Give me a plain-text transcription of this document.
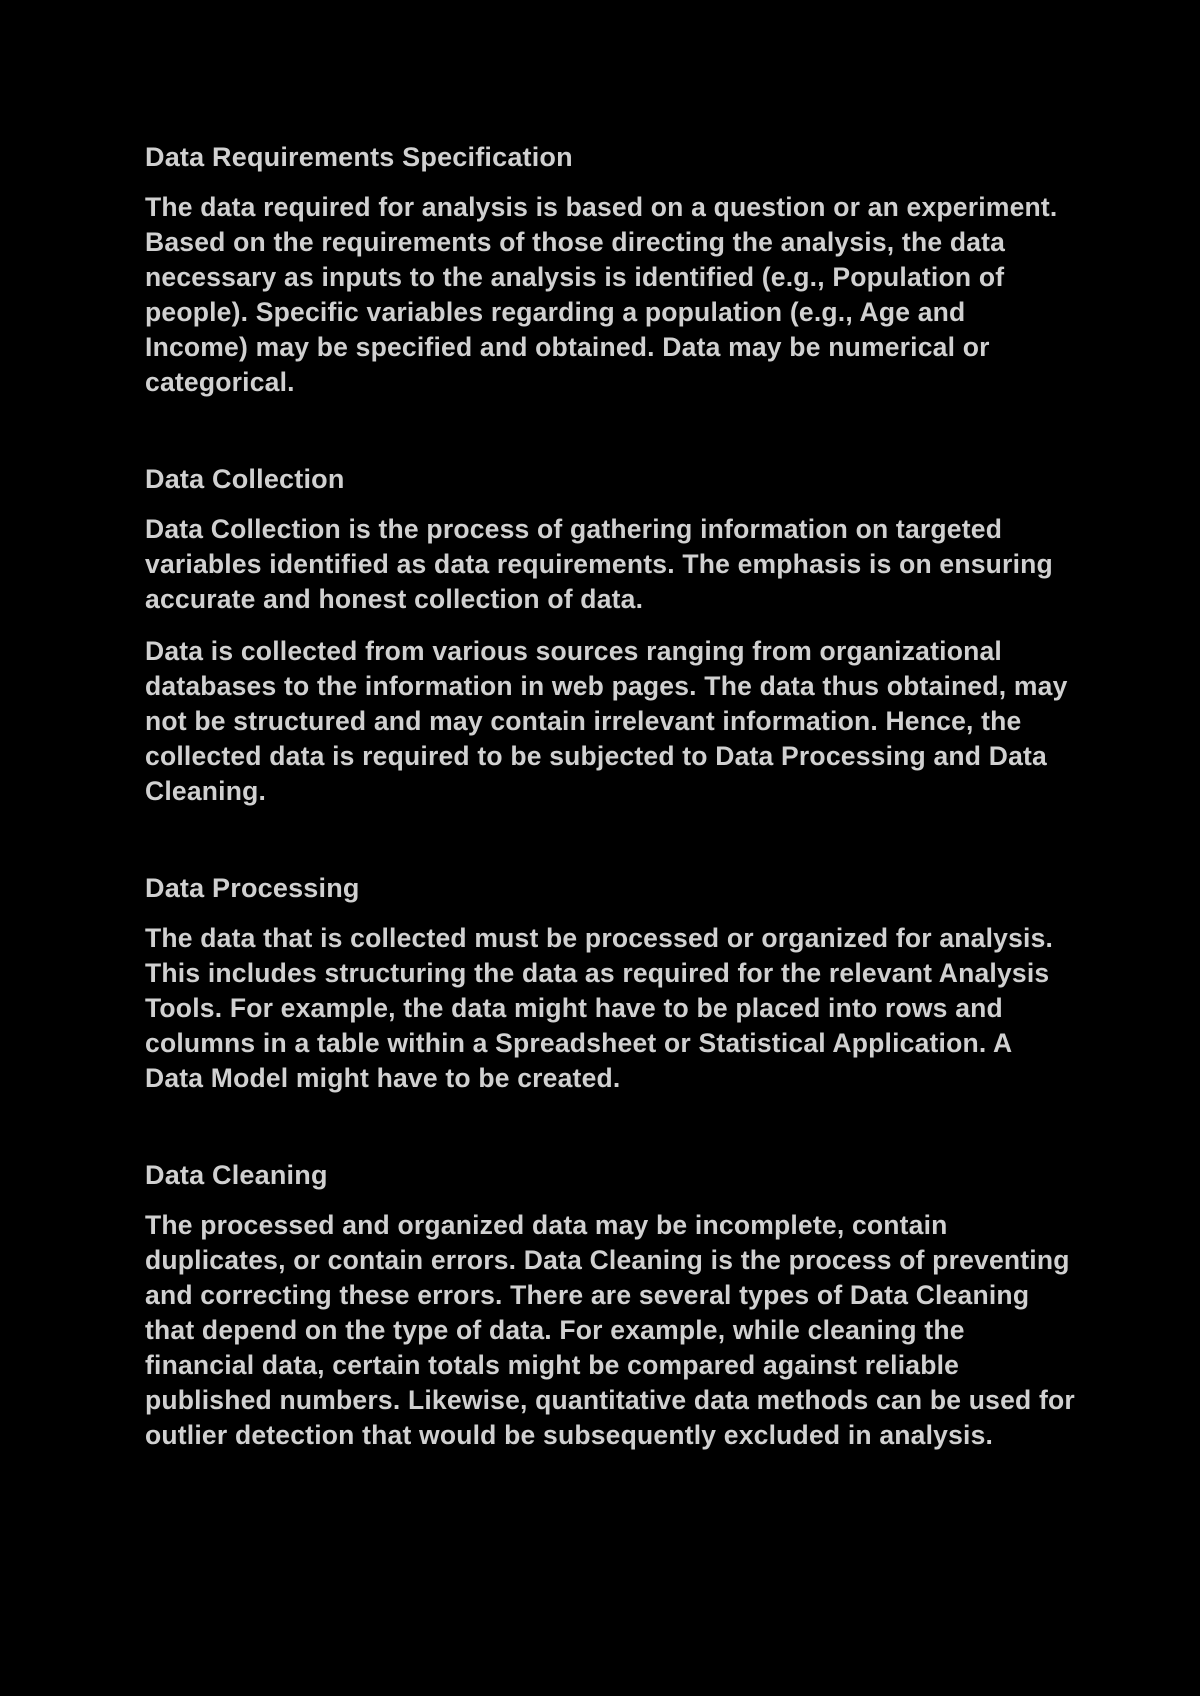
Data Requirements Specification

The data required for analysis is based on a question or an experiment. Based on the requirements of those directing the analysis, the data necessary as inputs to the analysis is identified (e.g., Population of people). Specific variables regarding a population (e.g., Age and Income) may be specified and obtained. Data may be numerical or categorical.

Data Collection

Data Collection is the process of gathering information on targeted variables identified as data requirements. The emphasis is on ensuring accurate and honest collection of data.

Data is collected from various sources ranging from organizational databases to the information in web pages. The data thus obtained, may not be structured and may contain irrelevant information. Hence, the collected data is required to be subjected to Data Processing and Data Cleaning.

Data Processing

The data that is collected must be processed or organized for analysis. This includes structuring the data as required for the relevant Analysis Tools. For example, the data might have to be placed into rows and columns in a table within a Spreadsheet or Statistical Application. A Data Model might have to be created.

Data Cleaning

The processed and organized data may be incomplete, contain duplicates, or contain errors. Data Cleaning is the process of preventing and correcting these errors. There are several types of Data Cleaning that depend on the type of data. For example, while cleaning the financial data, certain totals might be compared against reliable published numbers. Likewise, quantitative data methods can be used for outlier detection that would be subsequently excluded in analysis.
